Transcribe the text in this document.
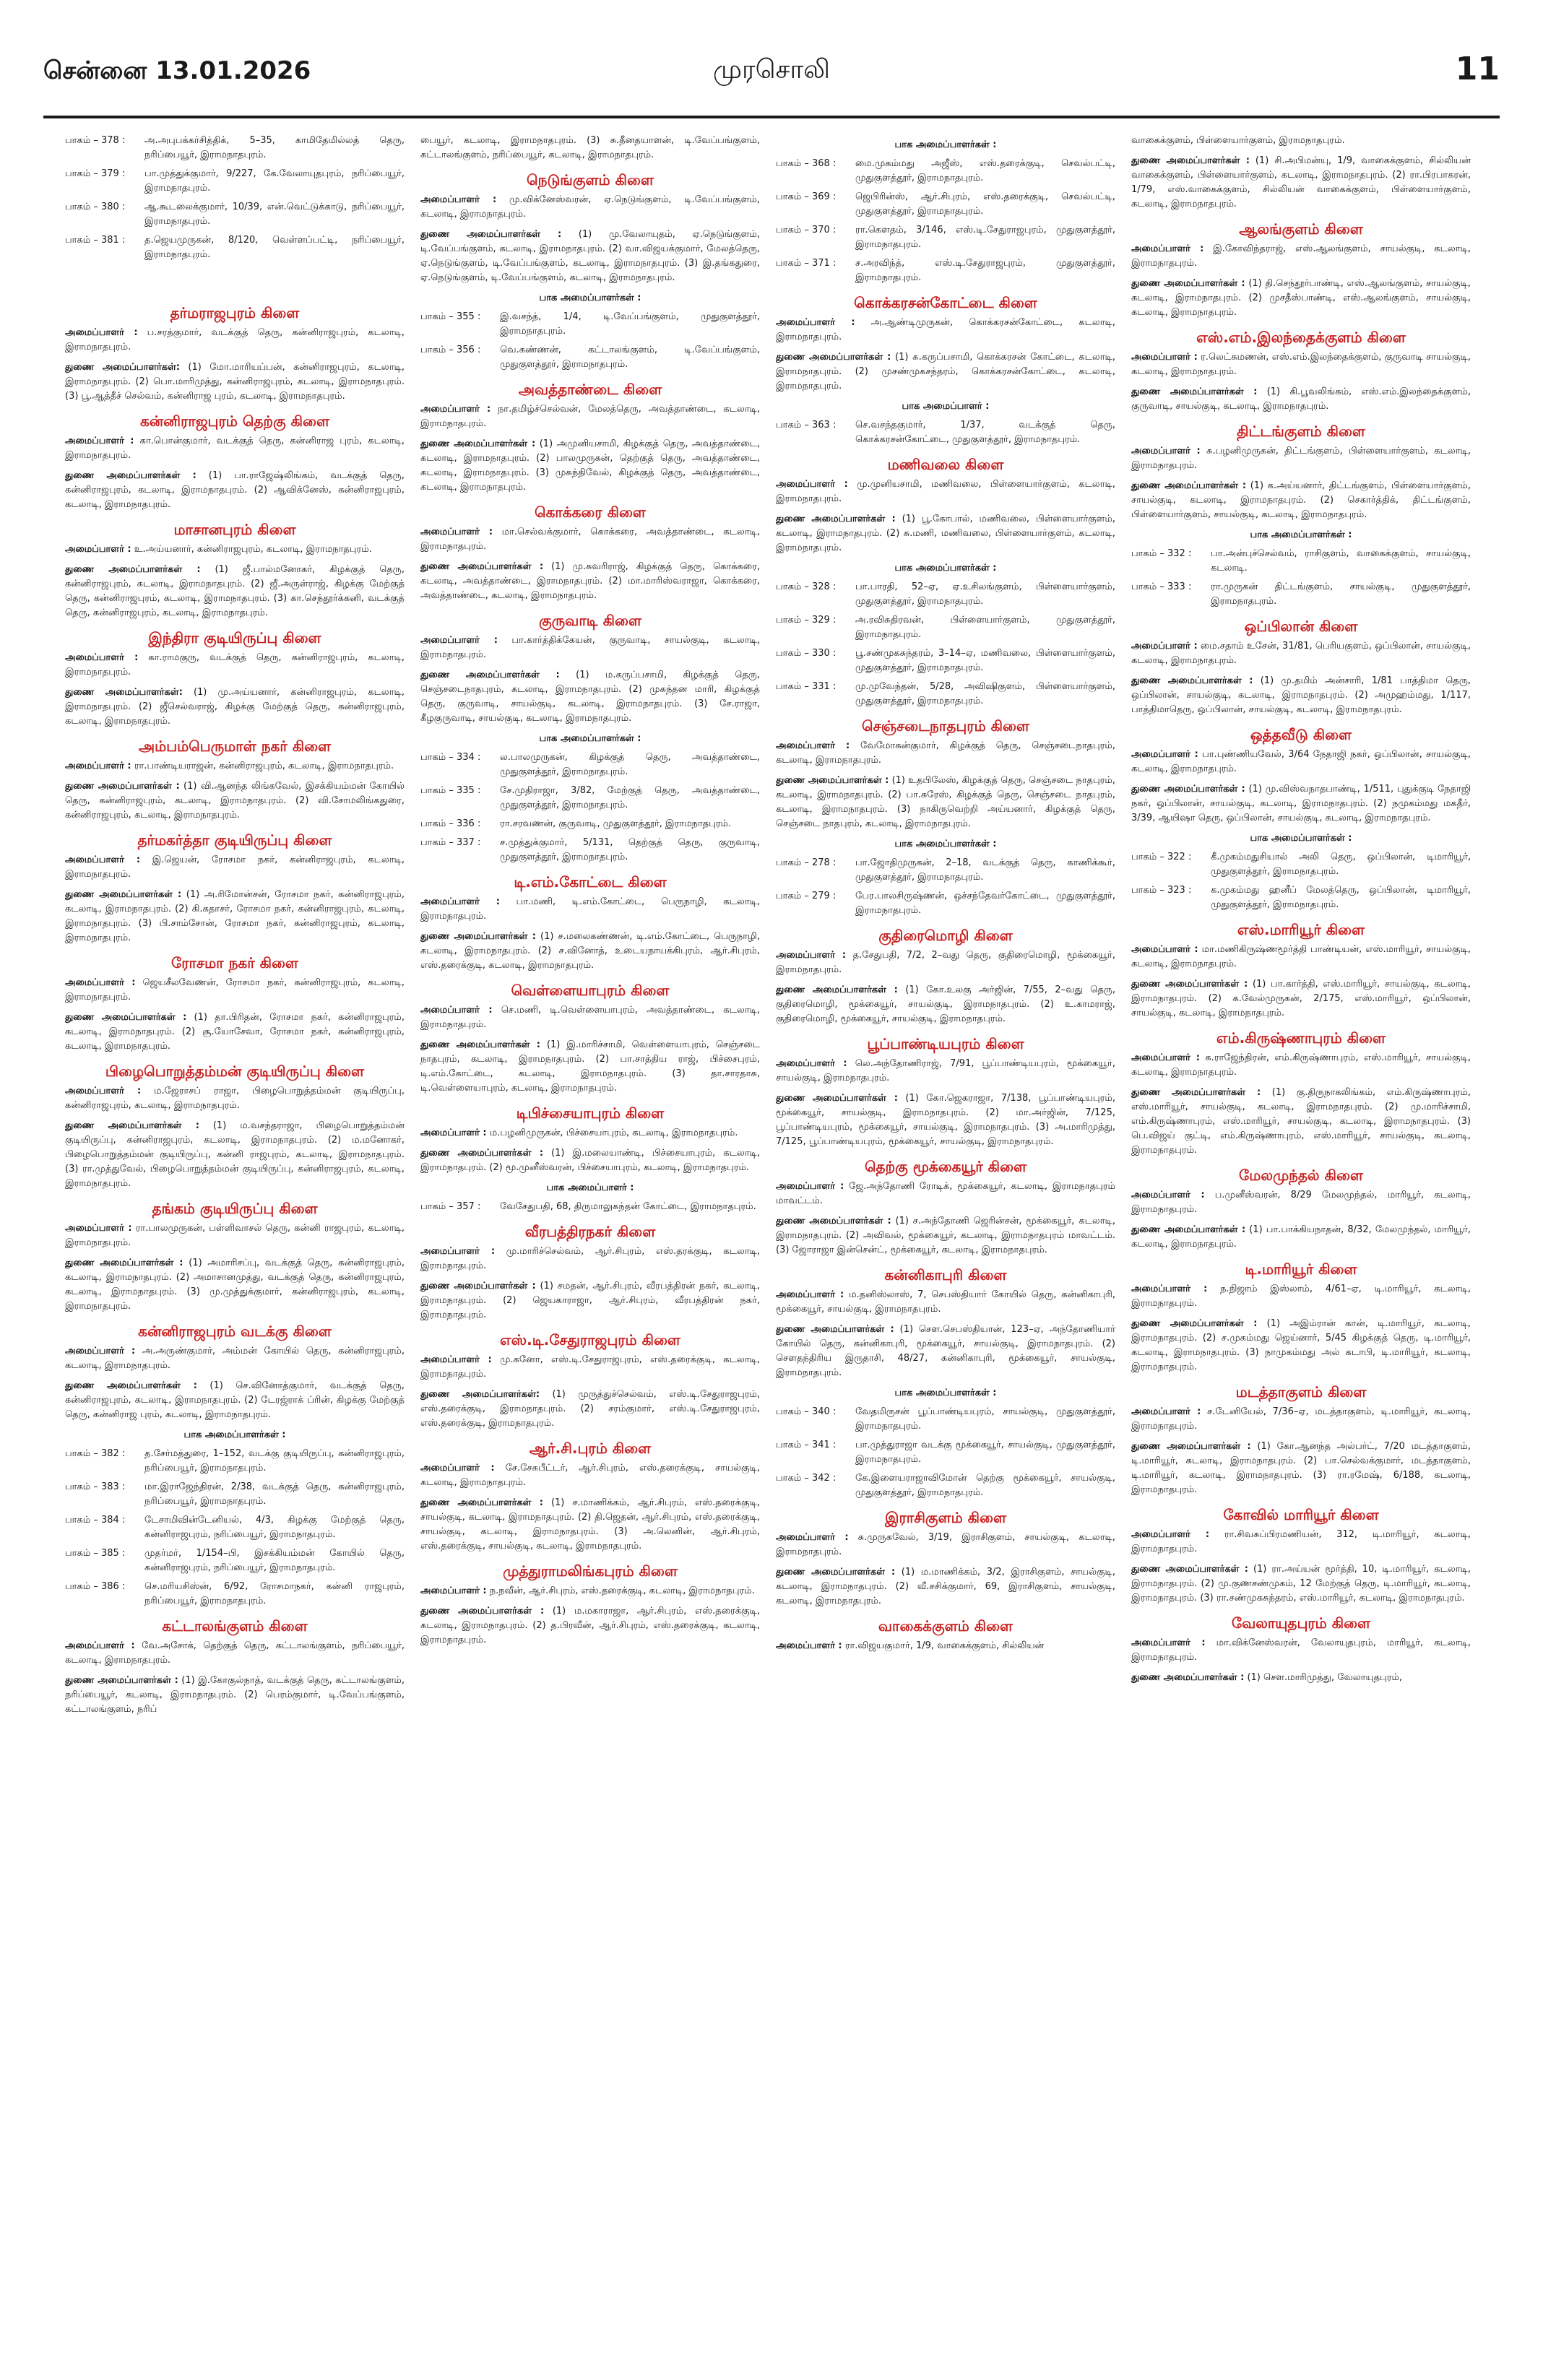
சென்னை 13.01.2026	முரசொலி	11
பாகம் – 378 :	அ.அபுபக்கர்சித்திக், 5–35, காமிதேமில்லத் தெரு, நரிப்பையூர், இராமநாதபுரம்.
பாகம் – 379 :	பா.முத்துக்குமார், 9/227, கே.வேலாயுதபுரம், நரிப்பையூர், இராமநாதபுரம்.
பாகம் – 380 :	ஆ.கூடலைக்குமார், 10/39, என்.வெட்டுக்காடு, நரிப்பையூர், இராமநாதபுரம்.
பாகம் – 381 :	த.ஜெயமுருகன், 8/120, வெள்ளப்பட்டி, நரிப்பையூர், இராமநாதபுரம்.
தர்மராஜபுரம் கிளை

அமைப்பாளர் : ப.சரத்குமார், வடக்குத் தெரு, கன்னிராஜபுரம், கடலாடி, இராமநாதபுரம்.

துணை அமைப்பாளர்கள்: (1) மோ.மாரியப்பன், கன்னிராஜபுரம், கடலாடி, இராமநாதபுரம். (2) பொ.மாரிமுத்து, கன்னிராஜபுரம், கடலாடி, இராமநாதபுரம். (3) பூ.ஆத்தீச் செல்வம், கன்னிராஜ புரம், கடலாடி, இராமநாதபுரம்.

கன்னிராஜபுரம் தெற்கு கிளை

அமைப்பாளர் : கா.பொன்குமார், வடக்குத் தெரு, கன்னிராஜ புரம், கடலாடி, இராமநாதபுரம்.

துணை அமைப்பாளர்கள் : (1) பா.ராஜேஷ்லிங்கம், வடக்குத் தெரு, கன்னிராஜபுரம், கடலாடி, இராமநாதபுரம். (2) ஆவிக்னேஸ், கன்னிராஜபுரம், கடலாடி, இராமநாதபுரம்.

மாசானபுரம் கிளை

அமைப்பாளர் : உ.அய்யனார், கன்னிராஜபுரம், கடலாடி, இராமநாதபுரம்.

துணை அமைப்பாளர்கள் : (1) ஜீ.பால்மனோகர், கிழக்குத் தெரு, கன்னிராஜபுரம், கடலாடி, இராமநாதபுரம். (2) ஜீ.அருள்ராஜ், கிழக்கு மேற்குத் தெரு, கன்னிராஜபுரம், கடலாடி, இராமநாதபுரம். (3) கா.செந்தூர்க்கனி, வடக்குத் தெரு, கன்னிராஜபுரம், கடலாடி, இராமநாதபுரம்.

இந்திரா குடியிருப்பு கிளை

அமைப்பாளர் : கா.ராமகுரு, வடக்குத் தெரு, கன்னிராஜபுரம், கடலாடி, இராமநாதபுரம்.

துணை அமைப்பாளர்கள்: (1) மு.அய்யனார், கன்னிராஜபுரம், கடலாடி, இராமநாதபுரம். (2) ஜீசெல்வராஜ், கிழக்கு மேற்குத் தெரு, கன்னிராஜபுரம், கடலாடி, இராமநாதபுரம்.

அம்பம்பெருமாள் நகர் கிளை

அமைப்பாளர் : ரா.பாண்டியராஜன், கன்னிராஜபுரம், கடலாடி, இராமநாதபுரம்.

துணை அமைப்பாளர்கள் : (1) வி.ஆனந்த லிங்கவேல், இசக்கியம்மன் கோயில் தெரு, கன்னிராஜபுரம், கடலாடி, இராமநாதபுரம். (2) வி.சோமலிங்கதுரை, கன்னிராஜபுரம், கடலாடி, இராமநாதபுரம்.

தர்மகர்த்தா குடியிருப்பு கிளை

அமைப்பாளர் : இ.ஜெயன், ரோசமா நகர், கன்னிராஜபுரம், கடலாடி, இராமநாதபுரம்.

துணை அமைப்பாளர்கள் : (1) அ.ரிமோன்சன், ரோசமா நகர், கன்னிராஜபுரம், கடலாடி, இராமநாதபுரம். (2) கி.கதாசர், ரோசமா நகர், கன்னிராஜபுரம், கடலாடி, இராமநாதபுரம். (3) பி.சாம்சோன், ரோசமா நகர், கன்னிராஜபுரம், கடலாடி, இராமநாதபுரம்.

ரோசமா நகர் கிளை

அமைப்பாளர் : ஜெயசீலவேணன், ரோசமா நகர், கன்னிராஜபுரம், கடலாடி, இராமநாதபுரம்.

துணை அமைப்பாளர்கள் : (1) தா.பிரிதன், ரோசமா நகர், கன்னிராஜபுரம், கடலாடி, இராமநாதபுரம். (2) சூ.யோசேவா, ரோசமா நகர், கன்னிராஜபுரம், கடலாடி, இராமநாதபுரம்.

பிழைபொறுத்தம்மன் குடியிருப்பு கிளை

அமைப்பாளர் : ம.ஜேராசப் ராஜா, பிழைபொறுத்தம்மன் குடியிருப்பு, கன்னிராஜபுரம், கடலாடி, இராமநாதபுரம்.

துணை அமைப்பாளர்கள் : (1) ம.வசந்தராஜா, பிழைபொறுத்தம்மன் குடியிருப்பு, கன்னிராஜபுரம், கடலாடி, இராமநாதபுரம். (2) ம.மனோகர், பிழைபொறுத்தம்மன் குடியிருப்பு, கன்னி ராஜபுரம், கடலாடி, இராமநாதபுரம். (3) ரா.முத்துவேல், பிழைபொறுத்தம்மன் குடியிருப்பு, கன்னிராஜபுரம், கடலாடி, இராமநாதபுரம்.

தங்கம் குடியிருப்பு கிளை

அமைப்பாளர் : ரா.பாலமுருகன், பள்ளிவாசல் தெரு, கன்னி ராஜபுரம், கடலாடி, இராமநாதபுரம்.

துணை அமைப்பாளர்கள் : (1) அமாரிசப்பு, வடக்குத் தெரு, கன்னிராஜபுரம், கடலாடி, இராமநாதபுரம். (2) அமாசானமுத்து, வடக்குத் தெரு, கன்னிராஜபுரம், கடலாடி, இராமநாதபுரம். (3) மு.முத்துக்குமார், கன்னிராஜபுரம், கடலாடி, இராமநாதபுரம்.

கன்னிராஜபுரம் வடக்கு கிளை

அமைப்பாளர் : அ.அருண்குமார், அம்மன் கோயில் தெரு, கன்னிராஜபுரம், கடலாடி, இராமநாதபுரம்.

துணை அமைப்பாளர்கள் : (1) செ.வினோத்குமார், வடக்குத் தெரு, கன்னிராஜபுரம், கடலாடி, இராமநாதபுரம். (2) டேரஜ்ராக் ப்ரின், கிழக்கு மேற்குத் தெரு, கன்னிராஜ புரம், கடலாடி, இராமநாதபுரம்.

பாக அமைப்பாளர்கள் :
பாகம் – 382 :	த.சேர்மத்துரை, 1–152, வடக்கு குடியிருப்பு, கன்னிராஜபுரம், நரிப்பையூர், இராமநாதபுரம்.
பாகம் – 383 :	மா.இராஜேந்திரன், 2/38, வடக்குத் தெரு, கன்னிராஜபுரம், நரிப்பையூர், இராமநாதபுரம்.
பாகம் – 384 :	டேசாமிவின்டேனியல், 4/3, கிழக்கு மேற்குத் தெரு, கன்னிராஜபுரம், நரிப்பையூர், இராமநாதபுரம்.
பாகம் – 385 :	முதர்மர், 1/154–பி, இசக்கியம்மன் கோயில் தெரு, கன்னிராஜபுரம், நரிப்பையூர், இராமநாதபுரம்.
பாகம் – 386 :	செ.மரியசிஸ்ன், 6/92, ரோசமாநகர், கன்னி ராஜபுரம், நரிப்பையூர், இராமநாதபுரம்.
கட்டாலங்குளம் கிளை

அமைப்பாளர் : வே.அசோக், தெற்குத் தெரு, கட்டாலங்குளம், நரிப்பையூர், கடலாடி, இராமநாதபுரம்.

துணை அமைப்பாளர்கள் : (1) இ.கோகுல்நாத், வடக்குத் தெரு, கட்டாலங்குளம், நரிப்பையூர், கடலாடி, இராமநாதபுரம். (2) பெரம்குமார், டி.வேப்பங்குளம், கட்டாலங்குளம், நரிப்

பையூர், கடலாடி, இராமநாதபுரம். (3) சு.தீனதயாளன், டி.வேப்பங்குளம், கட்டாலங்குளம், நரிப்பையூர், கடலாடி, இராமநாதபுரம்.

நெடுங்குளம் கிளை

அமைப்பாளர் : மு.விக்னேஸ்வரன், ஏ.நெடுங்குளம், டி.வேப்பங்குளம், கடலாடி, இராமநாதபுரம்.

துணை அமைப்பாளர்கள் : (1) மு.வேலாயுதம், ஏ.நெடுங்குளம், டி.வேப்பங்குளம், கடலாடி, இராமநாதபுரம். (2) வா.விஜயக்குமார், மேலத்தெரு, ஏ.நெடுங்குளம், டி.வேப்பங்குளம், கடலாடி, இராமநாதபுரம். (3) இ.தங்கதுரை, ஏ.நெடுங்குளம், டி.வேப்பங்குளம், கடலாடி, இராமநாதபுரம்.

பாக அமைப்பாளர்கள் :
பாகம் – 355 :	இ.வசந்த், 1/4, டி.வேப்பங்குளம், முதுகுளத்தூர், இராமநாதபுரம்.
பாகம் – 356 :	வெ.கண்ணன், கட்டாலங்குளம், டி.வேப்பங்குளம், முதுகுளத்தூர், இராமநாதபுரம்.
அவத்தாண்டை கிளை

அமைப்பாளர் : நா.தமிழ்ச்செல்வன், மேலத்தெரு, அவத்தாண்டை, கடலாடி, இராமநாதபுரம்.

துணை அமைப்பாளர்கள் : (1) அமுனியசாமி, கிழக்குத் தெரு, அவத்தாண்டை, கடலாடி, இராமநாதபுரம். (2) பாலமுருகன், தெற்குத் தெரு, அவத்தாண்டை, கடலாடி, இராமநாதபுரம். (3) முசுந்திவேல், கிழக்குத் தெரு, அவத்தாண்டை, கடலாடி, இராமநாதபுரம்.

கொக்கரை கிளை

அமைப்பாளர் : மா.செல்வக்குமார், கொக்கரை, அவத்தாண்டை, கடலாடி, இராமநாதபுரம்.

துணை அமைப்பாளர்கள் : (1) மு.சுவரிராஜ், கிழக்குத் தெரு, கொக்கரை, கடலாடி, அவத்தாண்டை, இராமநாதபுரம். (2) மா.மாரிஸ்வராஜா, கொக்கரை, அவத்தாண்டை, கடலாடி, இராமநாதபுரம்.

குருவாடி கிளை

அமைப்பாளர் : பா.கார்த்திக்கேயன், குருவாடி, சாயல்குடி, கடலாடி, இராமநாதபுரம்.

துணை அமைப்பாளர்கள் : (1) ம.கருப்பசாமி, கிழக்குத் தெரு, செஞ்சடைநாதபுரம், கடலாடி, இராமநாதபுரம். (2) முசுந்தன மாரி, கிழக்குத் தெரு, குருவாடி, சாயல்குடி, கடலாடி, இராமநாதபுரம். (3) சே.ராஜா, கீழகுருவாடி, சாயல்குடி, கடலாடி, இராமநாதபுரம்.

பாக அமைப்பாளர்கள் :
பாகம் – 334 :	ல.பாலமுருகன், கிழக்குத் தெரு, அவத்தாண்டை, முதுகுளத்தூர், இராமநாதபுரம்.
பாகம் – 335 :	சே.முதிராஜா, 3/82, மேற்குத் தெரு, அவத்தாண்டை, முதுகுளத்தூர், இராமநாதபுரம்.
பாகம் – 336 :	ரா.சரவணன், குருவாடி, முதுகுளத்தூர், இராமநாதபுரம்.
பாகம் – 337 :	ச.முத்துக்குமார், 5/131, தெற்குத் தெரு, குருவாடி, முதுகுளத்தூர், இராமநாதபுரம்.
டி.எம்.கோட்டை கிளை

அமைப்பாளர் : பா.மணி, டி.எம்.கோட்டை, பெருநாழி, கடலாடி, இராமநாதபுரம்.

துணை அமைப்பாளர்கள் : (1) ச.மலைகண்ணன், டி.எம்.கோட்டை, பெருநாழி, கடலாடி, இராமநாதபுரம். (2) ச.வினோத், உடையநாயக்கிபுரம், ஆர்.சிபுரம், எஸ்.தரைக்குடி, கடலாடி, இராமநாதபுரம்.

வெள்ளையாபுரம் கிளை

அமைப்பாளர் : செ.மணி, டி.வெள்ளையாபுரம், அவத்தாண்டை, கடலாடி, இராமநாதபுரம்.

துணை அமைப்பாளர்கள் : (1) இ.மாரிச்சாமி, வெள்ளையாபுரம், செஞ்சடை நாதபுரம், கடலாடி, இராமநாதபுரம். (2) பா.சாத்திய ராஜ், பிச்சைபுரம், டி.எம்.கோட்டை, கடலாடி, இராமநாதபுரம். (3) தா.சாரதாசு, டி.வெள்ளையாபுரம், கடலாடி, இராமநாதபுரம்.

டிபிச்சையாபுரம் கிளை

அமைப்பாளர் : ம.பழனிமுருகன், பிச்சையாபுரம், கடலாடி, இராமநாதபுரம்.

துணை அமைப்பாளர்கள் : (1) இ.மலையாண்டி, பிச்சையாபுரம், கடலாடி, இராமநாதபுரம். (2) மூ.முனீஸ்வரன், பிச்சையாபுரம், கடலாடி, இராமநாதபுரம்.

பாக அமைப்பாளர் :
பாகம் – 357 :	வேசேதுபதி, 68, திருமாலுகந்தன் கோட்டை, இராமநாதபுரம்.
வீரபத்திரநகர் கிளை

அமைப்பாளர் : மு.மாரிச்செல்வம், ஆர்.சிபுரம், எஸ்.தரக்குடி, கடலாடி, இராமநாதபுரம்.

துணை அமைப்பாளர்கள் : (1) சமதன், ஆர்.சிபுரம், வீரபத்திரன் நகர், கடலாடி, இராமநாதபுரம். (2) ஜெயகாராஜா, ஆர்.சிபுரம், வீரபத்திரன் நகர், இராமநாதபுரம்.

எஸ்.டி.சேதுராஜபுரம் கிளை

அமைப்பாளர் : மு.கனோ, எஸ்.டி.சேதுராஜபுரம், எஸ்.தரைக்குடி, கடலாடி, இராமநாதபுரம்.

துணை அமைப்பாளர்கள்: (1) முருத்துச்செல்வம், எஸ்.டி.சேதுராஜபுரம், எஸ்.தரைக்குடி, இராமநாதபுரம். (2) சரம்குமார், எஸ்.டி.சேதுராஜபுரம், எஸ்.தரைக்குடி, இராமநாதபுரம்.

ஆர்.சி.புரம் கிளை

அமைப்பாளர் : சே.சேசுபீட்டர், ஆர்.சிபுரம், எஸ்.தரைக்குடி, சாயல்குடி, கடலாடி, இராமநாதபுரம்.

துணை அமைப்பாளர்கள் : (1) ச.மாணிக்கம், ஆர்.சிபுரம், எஸ்.தரைக்குடி, சாயல்குடி, கடலாடி, இராமநாதபுரம். (2) தி.ஜெதன், ஆர்.சிபுரம், எஸ்.தரைக்குடி, சாயல்குடி, கடலாடி, இராமநாதபுரம். (3) அ.லெனின், ஆர்.சிபுரம், எஸ்.தரைக்குடி, சாயல்குடி, கடலாடி, இராமநாதபுரம்.

முத்துராமலிங்கபுரம் கிளை

அமைப்பாளர் : ந.நவீன், ஆர்.சிபுரம், எஸ்.தரைக்குடி, கடலாடி, இராமநாதபுரம்.

துணை அமைப்பாளர்கள் : (1) ம.மகாராஜா, ஆர்.சிபுரம், எஸ்.தரைக்குடி, கடலாடி, இராமநாதபுரம். (2) த.பிரவீன், ஆர்.சிபுரம், எஸ்.தரைக்குடி, கடலாடி, இராமநாதபுரம்.

பாக அமைப்பாளர்கள் :
பாகம் – 368 :	மை.முகம்மது அஜீஸ், எஸ்.தரைக்குடி, செவல்பட்டி, முதுகுளத்தூர், இராமநாதபுரம்.
பாகம் – 369 :	ஜெபிரின்ஸ், ஆர்.சிபுரம், எஸ்.தரைக்குடி, செவல்பட்டி, முதுகுளத்தூர், இராமநாதபுரம்.
பாகம் – 370 :	ரா.கௌதம், 3/146, எஸ்.டி.சேதுராஜபுரம், முதுகுளத்தூர், இராமநாதபுரம்.
பாகம் – 371 :	ச.அரவிந்த், எஸ்.டி.சேதுராஜபுரம், முதுகுளத்தூர், இராமநாதபுரம்.
கொக்கரசன்கோட்டை கிளை

அமைப்பாளர் : அ.ஆண்டிமுருகன், கொக்கரசன்கோட்டை, கடலாடி, இராமநாதபுரம்.

துணை அமைப்பாளர்கள் : (1) சு.கருப்பசாமி, கொக்கரசன் கோட்டை, கடலாடி, இராமநாதபுரம். (2) முசண்முகசந்தரம், கொக்கரசன்கோட்டை, கடலாடி, இராமநாதபுரம்.

பாக அமைப்பாளர் :
பாகம் – 363 :	செ.வசந்தகுமார், 1/37, வடக்குத் தெரு, கொக்கரசன்கோட்டை, முதுகுளத்தூர், இராமநாதபுரம்.
மணிவலை கிளை

அமைப்பாளர் : மு.முனியசாமி, மணிவலை, பிள்ளையார்குளம், கடலாடி, இராமநாதபுரம்.

துணை அமைப்பாளர்கள் : (1) பூ.கோபால், மணிவலை, பிள்ளையார்குளம், கடலாடி, இராமநாதபுரம். (2) சு.மணி, மணிவலை, பிள்ளையார்குளம், கடலாடி, இராமநாதபுரம்.

பாக அமைப்பாளர்கள் :
பாகம் – 328 :	பா.பாரதி, 52–ஏ, ஏ.உசிலங்குளம், பிள்ளையார்குளம், முதுகுளத்தூர், இராமநாதபுரம்.
பாகம் – 329 :	அ.ரவிசுதிரவன், பிள்ளையார்குளம், முதுகுளத்தூர், இராமநாதபுரம்.
பாகம் – 330 :	பூ.சண்முகசுந்தரம், 3–14–ஏ, மணிவலை, பிள்ளையார்குளம், முதுகுளத்தூர், இராமநாதபுரம்.
பாகம் – 331 :	மு.முவேந்தன், 5/28, அவிஷிகுளம், பிள்ளையார்குளம், முதுகுளத்தூர், இராமநாதபுரம்.
செஞ்சடைநாதபுரம் கிளை

அமைப்பாளர் : வேமோகன்குமார், கிழக்குத் தெரு, செஞ்சடைநாதபுரம், கடலாடி, இராமநாதபுரம்.

துணை அமைப்பாளர்கள் : (1) உதபிலேஸ், கிழக்குத் தெரு, செஞ்சடை நாதபுரம், கடலாடி, இராமநாதபுரம். (2) பா.சுரேஸ், கிழக்குத் தெரு, செஞ்சடை நாதபுரம், கடலாடி, இராமநாதபுரம். (3) நாகிருவெற்றி அய்யனார், கிழக்குத் தெரு, செஞ்சடை நாதபுரம், கடலாடி, இராமநாதபுரம்.

பாக அமைப்பாளர்கள் :
பாகம் – 278 :	பா.ஜோதிமுருகன், 2–18, வடக்குத் தெரு, காணிக்கூர், முதுகுளத்தூர், இராமநாதபுரம்.
பாகம் – 279 :	பேர.பாலசிருஷ்ணன், ஒச்சந்தேவர்கோட்டை, முதுகுளத்தூர், இராமநாதபுரம்.
குதிரைமொழி கிளை

அமைப்பாளர் : த.சேதுபதி, 7/2, 2–வது தெரு, குதிரைமொழி, மூக்கையூர், இராமநாதபுரம்.

துணை அமைப்பாளர்கள் : (1) கோ.உலகு அர்ஜின், 7/55, 2–வது தெரு, குதிரைமொழி, மூக்கையூர், சாயல்குடி, இராமநாதபுரம். (2) உ.காமராஜ், குதிரைமொழி, மூக்கையூர், சாயல்குடி, இராமநாதபுரம்.

பூப்பாண்டியபுரம் கிளை

அமைப்பாளர் : லெ.அந்தோணிராஜ், 7/91, பூப்பாண்டியபுரம், மூக்கையூர், சாயல்குடி, இராமநாதபுரம்.

துணை அமைப்பாளர்கள் : (1) கோ.ஜெகராஜா, 7/138, பூப்பாண்டியபுரம், மூக்கையூர், சாயல்குடி, இராமநாதபுரம். (2) மா.அர்ஜின், 7/125, பூப்பாண்டியபுரம், மூக்கையூர், சாயல்குடி, இராமநாதபுரம். (3) அ.மாரிமுத்து, 7/125, பூப்பாண்டியபுரம், மூக்கையூர், சாயல்குடி, இராமநாதபுரம்.

தெற்கு மூக்கையூர் கிளை

அமைப்பாளர் : ஜே.அந்தோணி ரோடிக், மூக்கையூர், கடலாடி, இராமநாதபுரம் மாவட்டம்.

துணை அமைப்பாளர்கள் : (1) ச.அந்தோணி ஜெரின்சன், மூக்கையூர், கடலாடி, இராமநாதபுரம். (2) அவிவல், மூக்கையூர், கடலாடி, இராமநாதபுரம் மாவட்டம். (3) ஜோராஜா இன்சென்ட், மூக்கையூர், கடலாடி, இராமநாதபுரம்.

கன்னிகாபுரி கிளை

அமைப்பாளர் : ம.தனிஸ்லாஸ், 7, செபஸ்தியார் கோயில் தெரு, கன்னிகாபுரி, மூக்கையூர், சாயல்குடி, இராமநாதபுரம்.

துணை அமைப்பாளர்கள் : (1) சௌ.செபஸ்தியான், 123–ஏ, அந்தோணியார் கோயில் தெரு, கன்னிகாபுரி, மூக்கையூர், சாயல்குடி, இராமநாதபுரம். (2) சௌதந்திரிய இருதாசி, 48/27, கன்னிகாபுரி, மூக்கையூர், சாயல்குடி, இராமநாதபுரம்.

பாக அமைப்பாளர்கள் :
பாகம் – 340 :	வேதமிருசன் பூப்பாண்டியபுரம், சாயல்குடி, முதுகுளத்தூர், இராமநாதபுரம்.
பாகம் – 341 :	பா.முத்துராஜா வடக்கு மூக்கையூர், சாயல்குடி, முதுகுளத்தூர், இராமநாதபுரம்.
பாகம் – 342 :	கே.இளையராஜாவிமோன் தெற்கு மூக்கையூர், சாயல்குடி, முதுகுளத்தூர், இராமநாதபுரம்.
இராசிகுளம் கிளை

அமைப்பாளர் : சு.முருகவேல், 3/19, இராசிகுளம், சாயல்குடி, கடலாடி, இராமநாதபுரம்.

துணை அமைப்பாளர்கள் : (1) ம.மாணிக்கம், 3/2, இராசிகுளம், சாயல்குடி, கடலாடி, இராமநாதபுரம். (2) வீ.சசிக்குமார், 69, இராசிகுளம், சாயல்குடி, கடலாடி, இராமநாதபுரம்.

வாகைக்குளம் கிளை

அமைப்பாளர் : ரா.விஜயகுமார், 1/9, வாகைக்குளம், சில்லியன்

வாகைக்குளம், பிள்ளையார்குளம், இராமநாதபுரம்.

துணை அமைப்பாளர்கள் : (1) சி.அபிமன்யு, 1/9, வாகைக்குளம், சில்லியன் வாகைக்குளம், பிள்ளையார்குளம், கடலாடி, இராமநாதபுரம். (2) ரா.பிரபாகரன், 1/79, எஸ்.வாகைக்குளம், சில்லியன் வாகைக்குளம், பிள்ளையார்குளம், கடலாடி, இராமநாதபுரம்.

ஆலங்குளம் கிளை

அமைப்பாளர் : இ.கோவிந்தராஜ், எஸ்.ஆலங்குளம், சாயல்குடி, கடலாடி, இராமநாதபுரம்.

துணை அமைப்பாளர்கள் : (1) தி.செந்தூர்பாண்டி, எஸ்.ஆலங்குளம், சாயல்குடி, கடலாடி, இராமநாதபுரம். (2) முசதீஸ்பாண்டி, எஸ்.ஆலங்குளம், சாயல்குடி, கடலாடி, இராமநாதபுரம்.

எஸ்.எம்.இலந்தைக்குளம் கிளை

அமைப்பாளர் : ர.லெட்சுமணன், எஸ்.எம்.இலந்தைக்குளம், குருவாடி சாயல்குடி, கடலாடி, இராமநாதபுரம்.

துணை அமைப்பாளர்கள் : (1) கி.பூவலிங்கம், எஸ்.எம்.இலந்தைக்குளம், குருவாடி, சாயல்குடி, கடலாடி, இராமநாதபுரம்.

திட்டங்குளம் கிளை

அமைப்பாளர் : சு.பழனிமுருகன், திட்டங்குளம், பிள்ளையார்குளம், கடலாடி, இராமநாதபுரம்.

துணை அமைப்பாளர்கள் : (1) க.அய்யனார், திட்டங்குளம், பிள்ளையார்குளம், சாயல்குடி, கடலாடி, இராமநாதபுரம். (2) செகார்த்திக், திட்டங்குளம், பிள்ளையார்குளம், சாயல்குடி, கடலாடி, இராமநாதபுரம்.

பாக அமைப்பாளர்கள் :
பாகம் – 332 :	பா.அன்புச்செல்வம், ராசிகுளம், வாகைக்குளம், சாயல்குடி, கடலாடி.
பாகம் – 333 :	ரா.முருகன் திட்டங்குளம், சாயல்குடி, முதுகுளத்தூர், இராமநாதபுரம்.
ஒப்பிலான் கிளை

அமைப்பாளர் : மை.சதாம் உசேன், 31/81, பெரியகுளம், ஒப்பிலான், சாயல்குடி, கடலாடி, இராமநாதபுரம்.

துணை அமைப்பாளர்கள் : (1) மு.தமிம் அன்சாரி, 1/81 பாத்திமா தெரு, ஒப்பிலான், சாயல்குடி, கடலாடி, இராமநாதபுரம். (2) அமுஹம்மது, 1/117, பாத்திமாதெரு, ஒப்பிலான், சாயல்குடி, கடலாடி, இராமநாதபுரம்.

ஒத்தவீடு கிளை

அமைப்பாளர் : பா.புண்ணியவேல், 3/64 நேதாஜி நகர், ஒப்பிலான், சாயல்குடி, கடலாடி, இராமநாதபுரம்.

துணை அமைப்பாளர்கள் : (1) மு.விஸ்வநாதபாண்டி, 1/511, புதுக்குடி நேதாஜி நகர், ஒப்பிலான், சாயல்குடி, கடலாடி, இராமநாதபுரம். (2) நமுகம்மது மகதீர், 3/39, ஆயிஷா தெரு, ஒப்பிலான், சாயல்குடி, கடலாடி, இராமநாதபுரம்.

பாக அமைப்பாளர்கள் :
பாகம் – 322 :	கீ.முகம்மதுசியால் அலி தெரு, ஒப்பிலான், டிமாரியூர், முதுகுளத்தூர், இராமநாதபுரம்.
பாகம் – 323 :	க.முகம்மது ஹனீப் மேலத்தெரு, ஒப்பிலான், டிமாரியூர், முதுகுளத்தூர், இராமநாதபுரம்.
எஸ்.மாரியூர் கிளை

அமைப்பாளர் : மா.மணிகிருஷ்ணமூர்த்தி பாண்டியன், எஸ்.மாரியூர், சாயல்குடி, கடலாடி, இராமநாதபுரம்.

துணை அமைப்பாளர்கள் : (1) பா.கார்த்தி, எஸ்.மாரியூர், சாயல்குடி, கடலாடி, இராமநாதபுரம். (2) க.வேல்முருகன், 2/175, எஸ்.மாரியூர், ஒப்பிலான், சாயல்குடி, கடலாடி, இராமநாதபுரம்.

எம்.கிருஷ்ணாபுரம் கிளை

அமைப்பாளர் : க.ராஜேந்திரன், எம்.கிருஷ்ணாபுரம், எஸ்.மாரியூர், சாயல்குடி, கடலாடி, இராமநாதபுரம்.

துணை அமைப்பாளர்கள் : (1) கு.திருநாகலிங்கம், எம்.கிருஷ்ணாபுரம், எஸ்.மாரியூர், சாயல்குடி, கடலாடி, இராமநாதபுரம். (2) மு.மாரிச்சாமி, எம்.கிருஷ்ணாபுரம், எஸ்.மாரியூர், சாயல்குடி, கடலாடி, இராமநாதபுரம். (3) பெ.விஜய் குட்டி, எம்.கிருஷ்ணாபுரம், எஸ்.மாரியூர், சாயல்குடி, கடலாடி, இராமநாதபுரம்.

மேலமுந்தல் கிளை

அமைப்பாளர் : ப.முனீஸ்வரன், 8/29 மேலமுந்தல், மாரியூர், கடலாடி, இராமநாதபுரம்.

துணை அமைப்பாளர்கள் : (1) பா.பாக்கியநாதன், 8/32, மேலமுந்தல், மாரியூர், கடலாடி, இராமநாதபுரம்.

டி.மாரியூர் கிளை

அமைப்பாளர் : ந.நிஜாம் இஸ்லாம், 4/61–ஏ, டி.மாரியூர், கடலாடி, இராமநாதபுரம்.

துணை அமைப்பாளர்கள் : (1) அஇம்ரான் கான், டி.மாரியூர், கடலாடி, இராமநாதபுரம். (2) ச.முகம்மது ஜெய்னார், 5/45 கிழக்குத் தெரு, டி.மாரியூர், கடலாடி, இராமநாதபுரம். (3) நாமுகம்மது அல் கடாபி, டி.மாரியூர், கடலாடி, இராமநாதபுரம்.

மடத்தாகுளம் கிளை

அமைப்பாளர் : ச.டேனியேல், 7/36–ஏ, மடத்தாகுளம், டி.மாரியூர், கடலாடி, இராமநாதபுரம்.

துணை அமைப்பாளர்கள் : (1) கோ.ஆனந்த அல்பர்ட், 7/20 மடத்தாகுளம், டி.மாரியூர், கடலாடி, இராமநாதபுரம். (2) பா.செல்வக்குமார், மடத்தாகுளம், டி.மாரியூர், கடலாடி, இராமநாதபுரம். (3) ரா.ரமேஷ், 6/188, கடலாடி, இராமநாதபுரம்.

கோவில் மாரியூர் கிளை

அமைப்பாளர் : ரா.சிவசுப்பிரமணியன், 312, டி.மாரியூர், கடலாடி, இராமநாதபுரம்.

துணை அமைப்பாளர்கள் : (1) ரா.அய்யன் மூர்த்தி, 10, டி.மாரியூர், கடலாடி, இராமநாதபுரம். (2) மு.குணசண்முகம், 12 மேற்குத் தெரு, டி.மாரியூர், கடலாடி, இராமநாதபுரம். (3) ரா.சண்முகசுந்தரம், எஸ்.மாரியூர், கடலாடி, இராமநாதபுரம்.

வேலாயுதபுரம் கிளை

அமைப்பாளர் : மா.விக்னேஸ்வரன், வேலாயுதபுரம், மாரியூர், கடலாடி, இராமநாதபுரம்.

துணை அமைப்பாளர்கள் : (1) சௌ.மாரிமுத்து, வேலாயுதபுரம்,
